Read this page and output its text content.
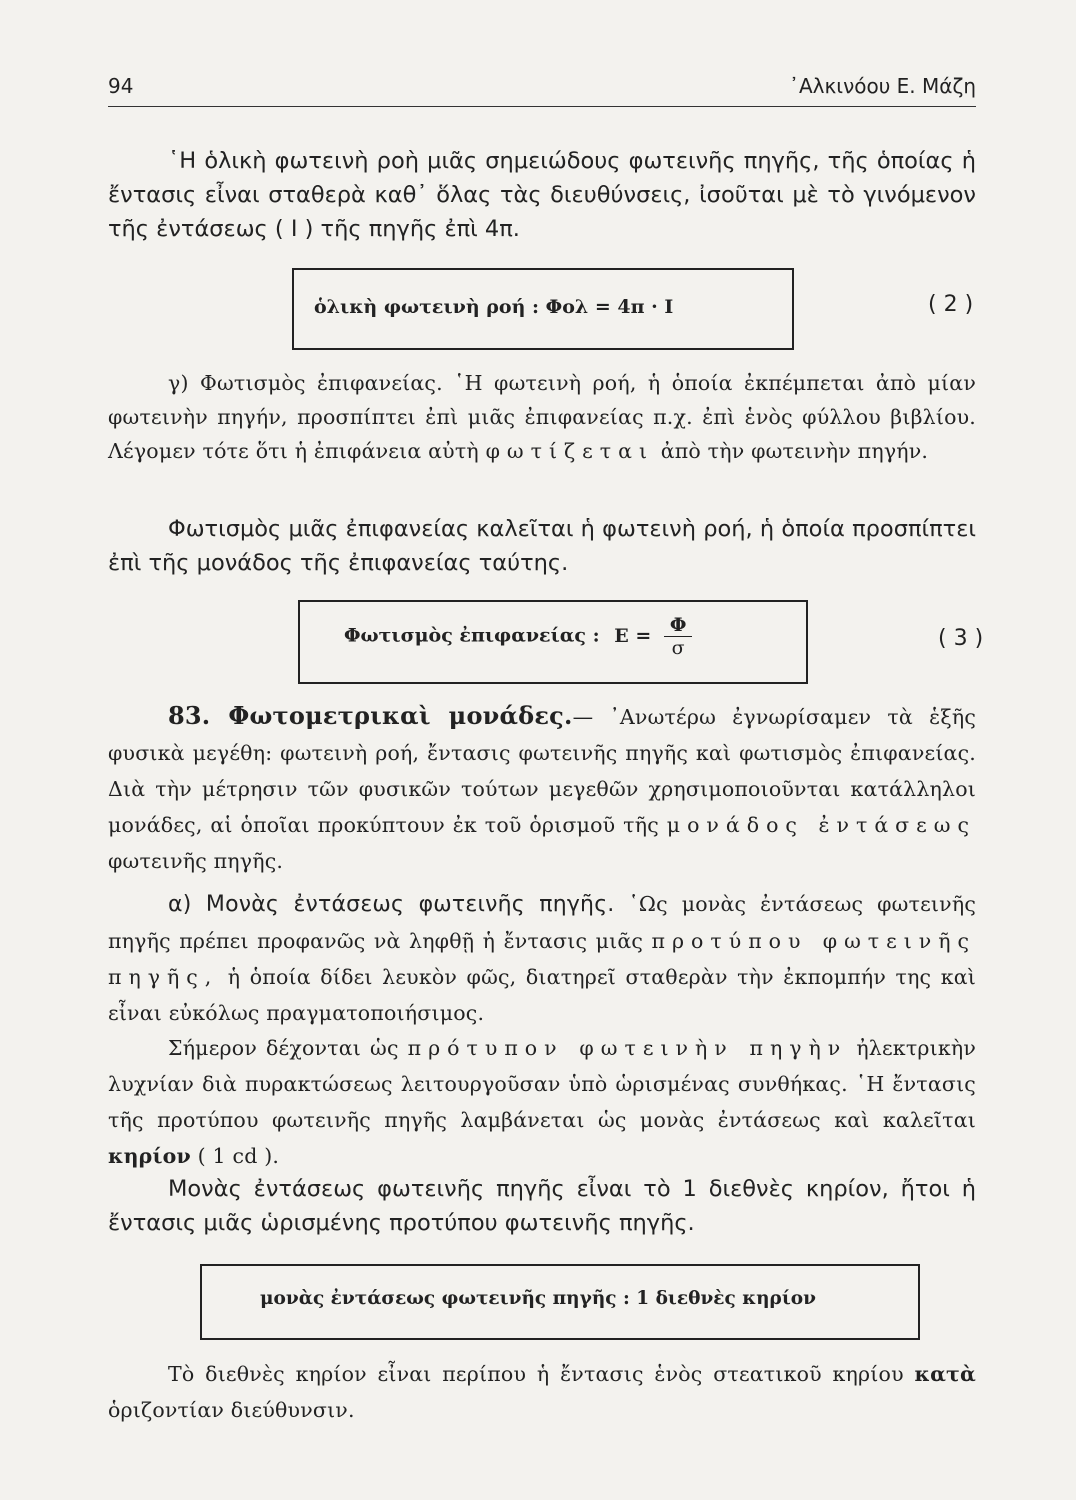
94	᾿Αλκινόου Ε. Μάζη

῾Η ὁλικὴ φωτεινὴ ροὴ μιᾶς σημειώδους φωτεινῆς πηγῆς, τῆς ὁποίας ἡ ἔντασις εἶναι σταθερὰ καθ᾿ ὅλας τὰς διευθύνσεις, ἰσοῦται μὲ τὸ γινόμενον τῆς ἐντάσεως ( I ) τῆς πηγῆς ἐπὶ 4π.

ὁλικὴ φωτεινὴ ροή : Φολ = 4π · I	( 2 )

γ) Φωτισμὸς ἐπιφανείας. ῾Η φωτεινὴ ροή, ἡ ὁποία ἐκπέμπεται ἀπὸ μίαν φωτεινὴν πηγήν, προσπίπτει ἐπὶ μιᾶς ἐπιφανείας π.χ. ἐπὶ ἑνὸς φύλλου βιβλίου. Λέγομεν τότε ὅτι ἡ ἐπιφάνεια αὐτὴ φωτίζεται ἀπὸ τὴν φωτεινὴν πηγήν.

Φωτισμὸς μιᾶς ἐπιφανείας καλεῖται ἡ φωτεινὴ ροή, ἡ ὁποία προσπίπτει ἐπὶ τῆς μονάδος τῆς ἐπιφανείας ταύτης.

Φωτισμὸς ἐπιφανείας : $E = \frac{\Phi}{\sigma}$	( 3 )

83. Φωτομετρικαὶ μονάδες.— ᾿Ανωτέρω ἐγνωρίσαμεν τὰ ἑξῆς φυσικὰ μεγέθη: φωτεινὴ ροή, ἔντασις φωτεινῆς πηγῆς καὶ φωτισμὸς ἐπιφανείας. Διὰ τὴν μέτρησιν τῶν φυσικῶν τούτων μεγεθῶν χρησιμοποιοῦνται κατάλληλοι μονάδες, αἱ ὁποῖαι προκύπτουν ἐκ τοῦ ὁρισμοῦ τῆς μονάδος ἐντάσεως φωτεινῆς πηγῆς.

α) Μονὰς ἐντάσεως φωτεινῆς πηγῆς. ῾Ως μονὰς ἐντάσεως φωτεινῆς πηγῆς πρέπει προφανῶς νὰ ληφθῇ ἡ ἔντασις μιᾶς προτύπου φωτεινῆς πηγῆς, ἡ ὁποία δίδει λευκὸν φῶς, διατηρεῖ σταθερὰν τὴν ἐκπομπήν της καὶ εἶναι εὐκόλως πραγματοποιήσιμος.

Σήμερον δέχονται ὡς πρότυπον φωτεινὴν πηγὴν ἠλεκτρικὴν λυχνίαν διὰ πυρακτώσεως λειτουργοῦσαν ὑπὸ ὡρισμένας συνθήκας. ῾Η ἔντασις τῆς προτύπου φωτεινῆς πηγῆς λαμβάνεται ὡς μονὰς ἐντάσεως καὶ καλεῖται κηρίον ( 1 cd ).

Μονὰς ἐντάσεως φωτεινῆς πηγῆς εἶναι τὸ 1 διεθνὲς κηρίον, ἤτοι ἡ ἔντασις μιᾶς ὡρισμένης προτύπου φωτεινῆς πηγῆς.

μονὰς ἐντάσεως φωτεινῆς πηγῆς : 1 διεθνὲς κηρίον

Τὸ διεθνὲς κηρίον εἶναι περίπου ἡ ἔντασις ἑνὸς στεατικοῦ κηρίου κατὰ ὁριζοντίαν διεύθυνσιν.
